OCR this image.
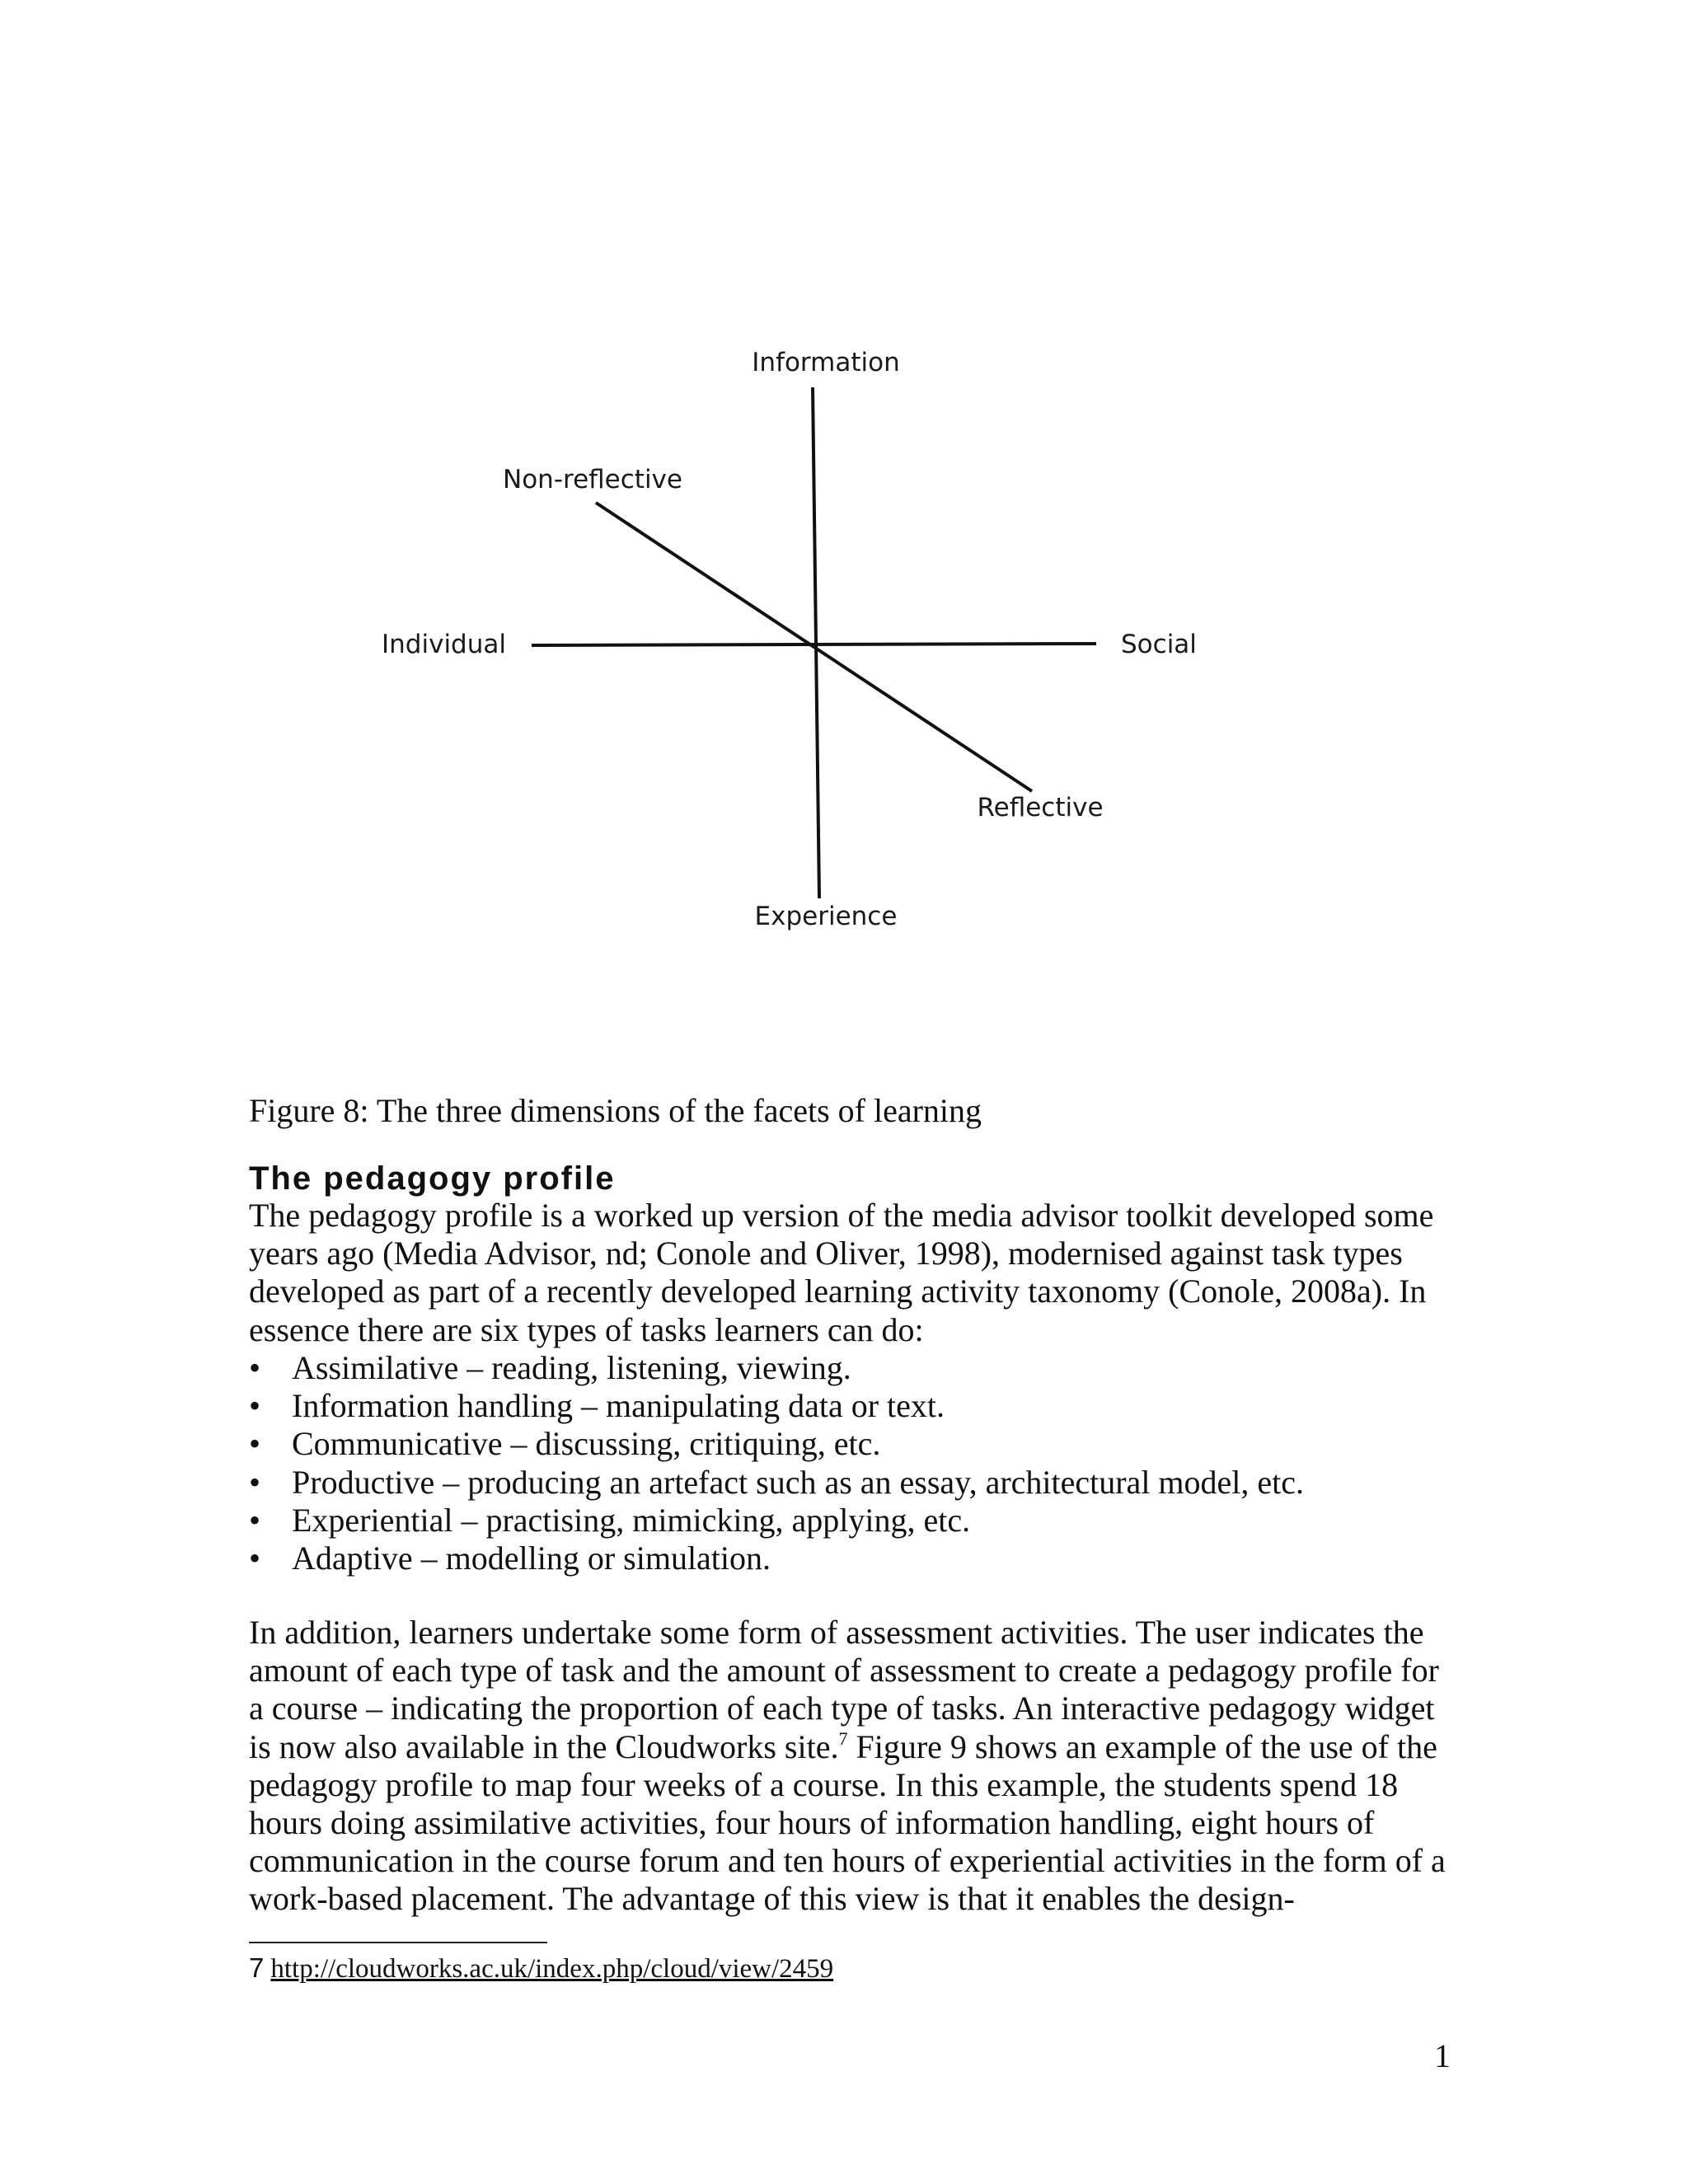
Information
Non-reflective
Individual	Social
Reflective
Experience
Figure 8: The three dimensions of the facets of learning
The pedagogy profile
The pedagogy profile is a worked up version of the media advisor toolkit developed some years ago (Media Advisor, nd; Conole and Oliver, 1998), modernised against task types developed as part of a recently developed learning activity taxonomy (Conole, 2008a). In essence there are six types of tasks learners can do:
• Assimilative – reading, listening, viewing.
• Information handling – manipulating data or text.
• Communicative – discussing, critiquing, etc.
• Productive – producing an artefact such as an essay, architectural model, etc.
• Experiential – practising, mimicking, applying, etc.
• Adaptive – modelling or simulation.
In addition, learners undertake some form of assessment activities. The user indicates the amount of each type of task and the amount of assessment to create a pedagogy profile for a course – indicating the proportion of each type of tasks. An interactive pedagogy widget is now also available in the Cloudworks site.$^7$ Figure 9 shows an example of the use of the pedagogy profile to map four weeks of a course. In this example, the students spend 18 hours doing assimilative activities, four hours of information handling, eight hours of communication in the course forum and ten hours of experiential activities in the form of a work-based placement. The advantage of this view is that it enables the design-
7 http://cloudworks.ac.uk/index.php/cloud/view/2459
1
